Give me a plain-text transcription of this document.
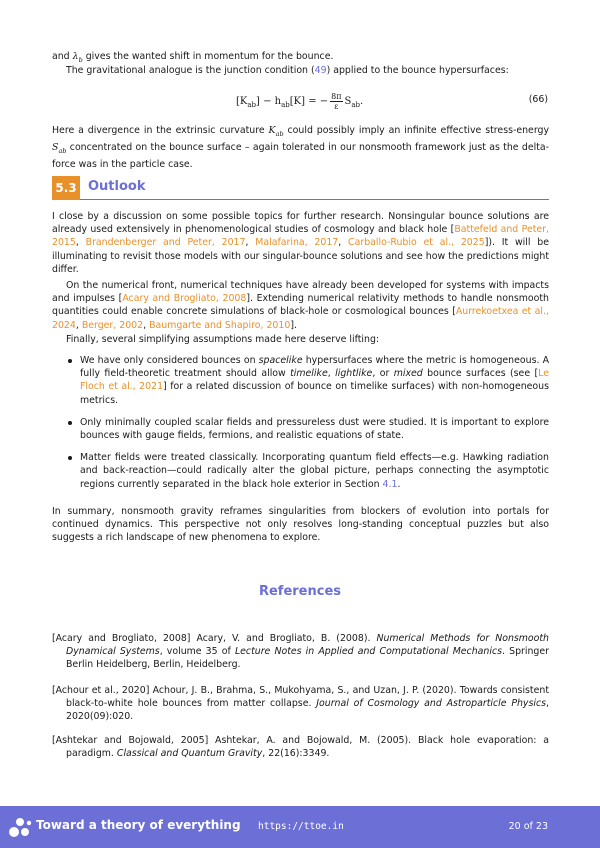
and $\lambda_b$ gives the wanted shift in momentum for the bounce.
The gravitational analogue is the junction condition (49) applied to the bounce hypersurfaces:
$[K_{ab}] - h_{ab}[K]$ = − $\frac{8\pi}{\varepsilon} S_{ab}$.	(66)
Here a divergence in the extrinsic curvature $K_{ab}$ could possibly imply an infinite effective stress-energy $S_{ab}$ concentrated on the bounce surface – again tolerated in our nonsmooth framework just as the delta-force was in the particle case.
5.3 Outlook
I close by a discussion on some possible topics for further research. Nonsingular bounce solutions are already used extensively in phenomenological studies of cosmology and black hole [Battefeld and Peter, 2015, Brandenberger and Peter, 2017, Malafarina, 2017, Carballo-Rubio et al., 2025]). It will be illuminating to revisit those models with our singular-bounce solutions and see how the predictions might differ.
On the numerical front, numerical techniques have already been developed for systems with impacts and impulses [Acary and Brogliato, 2008]. Extending numerical relativity methods to handle nonsmooth quantities could enable concrete simulations of black-hole or cosmological bounces [Aurrekoetxea et al., 2024, Berger, 2002, Baumgarte and Shapiro, 2010].
Finally, several simplifying assumptions made here deserve lifting:
We have only considered bounces on spacelike hypersurfaces where the metric is homogeneous. A fully field-theoretic treatment should allow timelike, lightlike, or mixed bounce surfaces (see [Le Floch et al., 2021] for a related discussion of bounce on timelike surfaces) with non-homogeneous metrics.
Only minimally coupled scalar fields and pressureless dust were studied. It is important to explore bounces with gauge fields, fermions, and realistic equations of state.
Matter fields were treated classically. Incorporating quantum field effects—e.g. Hawking radiation and back-reaction—could radically alter the global picture, perhaps connecting the asymptotic regions currently separated in the black hole exterior in Section 4.1.
In summary, nonsmooth gravity reframes singularities from blockers of evolution into portals for continued dynamics. This perspective not only resolves long-standing conceptual puzzles but also suggests a rich landscape of new phenomena to explore.
References
[Acary and Brogliato, 2008] Acary, V. and Brogliato, B. (2008). Numerical Methods for Nonsmooth Dynamical Systems, volume 35 of Lecture Notes in Applied and Computational Mechanics. Springer Berlin Heidelberg, Berlin, Heidelberg.
[Achour et al., 2020] Achour, J. B., Brahma, S., Mukohyama, S., and Uzan, J. P. (2020). Towards consistent black-to-white hole bounces from matter collapse. Journal of Cosmology and Astroparticle Physics, 2020(09):020.
[Ashtekar and Bojowald, 2005] Ashtekar, A. and Bojowald, M. (2005). Black hole evaporation: a paradigm. Classical and Quantum Gravity, 22(16):3349.
Toward a theory of everything https://ttoe.in	20 of 23
